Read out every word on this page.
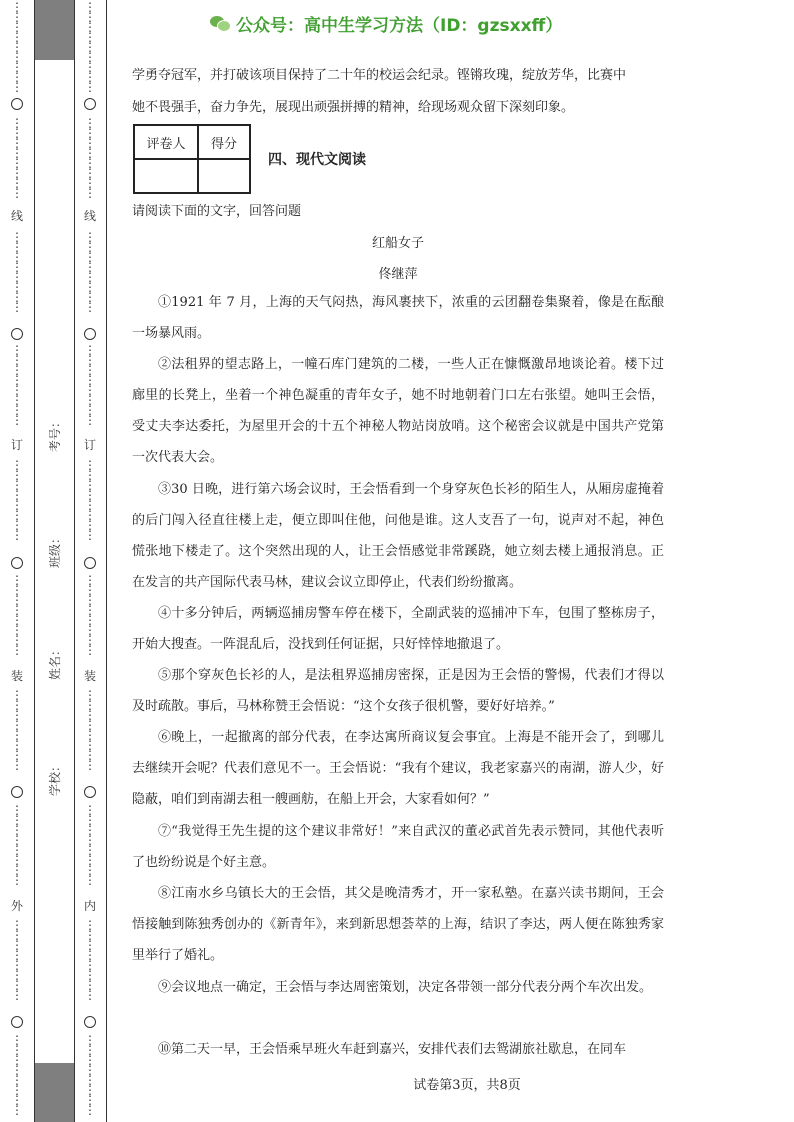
⋮
⋮
⋮
⋮
⋮
⋮
⋮
⋮
⋮
⋮
⋮
⋮
⋮
⋮
⋮
⋮
⋮
⋮
⋮
⋮
⋮
⋮
⋮
⋮
⋮
⋮
⋮
⋮
⋮
⋮
⋮
⋮
⋮
⋮
⋮
⋮
⋮
⋮
⋮
⋮
⋮
⋮
⋮
⋮
⋮
⋮
⋮
⋮
⋮
⋮
⋮
⋮
⋮
⋮
⋮
⋮
⋮
⋮
⋮
⋮
⋮
⋮
⋮
⋮
⋮
⋮
⋮
⋮
⋮
⋮
⋮
⋮
⋮
⋮
⋮
⋮
⋮
⋮
⋮
⋮
⋮
线
订
装
外
考号：
班级：
姓名：
学校：
⋮
⋮
⋮
⋮
⋮
⋮
⋮
⋮
⋮
⋮
⋮
⋮
⋮
⋮
⋮
⋮
⋮
⋮
⋮
⋮
⋮
⋮
⋮
⋮
⋮
⋮
⋮
⋮
⋮
⋮
⋮
⋮
⋮
⋮
⋮
⋮
⋮
⋮
⋮
⋮
⋮
⋮
⋮
⋮
⋮
⋮
⋮
⋮
⋮
⋮
⋮
⋮
⋮
⋮
⋮
⋮
⋮
⋮
⋮
⋮
⋮
⋮
⋮
⋮
⋮
⋮
⋮
⋮
⋮
⋮
⋮
⋮
⋮
⋮
⋮
⋮
⋮
⋮
⋮
⋮
⋮
线
订
装
内
公众号：高中生学习方法（ID：gzsxxff）
学勇夺冠军，并打破该项目保持了二十年的校运会纪录。铿锵玫瑰，绽放芳华，比赛中
她不畏强手，奋力争先，展现出顽强拼搏的精神，给现场观众留下深刻印象。
评卷人	得分

四、现代文阅读
请阅读下面的文字，回答问题
红船女子
佟继萍
①1921 年 7 月，上海的天气闷热，海风裹挟下，浓重的云团翻卷集聚着，像是在酝酿一场暴风雨。
②法租界的望志路上，一幢石库门建筑的二楼，一些人正在慷慨激昂地谈论着。楼下过廊里的长凳上，坐着一个神色凝重的青年女子，她不时地朝着门口左右张望。她叫王会悟，受丈夫李达委托，为屋里开会的十五个神秘人物站岗放哨。这个秘密会议就是中国共产党第一次代表大会。
③30 日晚，进行第六场会议时，王会悟看到一个身穿灰色长衫的陌生人，从厢房虚掩着的后门闯入径直往楼上走，便立即叫住他，问他是谁。这人支吾了一句，说声对不起，神色慌张地下楼走了。这个突然出现的人，让王会悟感觉非常蹊跷，她立刻去楼上通报消息。正在发言的共产国际代表马林，建议会议立即停止，代表们纷纷撤离。
④十多分钟后，两辆巡捕房警车停在楼下，全副武装的巡捕冲下车，包围了整栋房子，开始大搜查。一阵混乱后，没找到任何证据，只好悻悻地撤退了。
⑤那个穿灰色长衫的人，是法租界巡捕房密探，正是因为王会悟的警惕，代表们才得以及时疏散。事后，马林称赞王会悟说：“这个女孩子很机警，要好好培养。”
⑥晚上，一起撤离的部分代表，在李达寓所商议复会事宜。上海是不能开会了，到哪儿去继续开会呢？代表们意见不一。王会悟说：“我有个建议，我老家嘉兴的南湖，游人少，好隐蔽，咱们到南湖去租一艘画舫，在船上开会，大家看如何？”
⑦“我觉得王先生提的这个建议非常好！”来自武汉的董必武首先表示赞同，其他代表听了也纷纷说是个好主意。
⑧江南水乡乌镇长大的王会悟，其父是晚清秀才，开一家私塾。在嘉兴读书期间，王会悟接触到陈独秀创办的《新青年》，来到新思想荟萃的上海，结识了李达，两人便在陈独秀家里举行了婚礼。
⑨会议地点一确定，王会悟与李达周密策划，决定各带领一部分代表分两个车次出发。
⑩第二天一早，王会悟乘早班火车赶到嘉兴，安排代表们去鸳湖旅社歇息，在同车
试卷第3页，共8页
